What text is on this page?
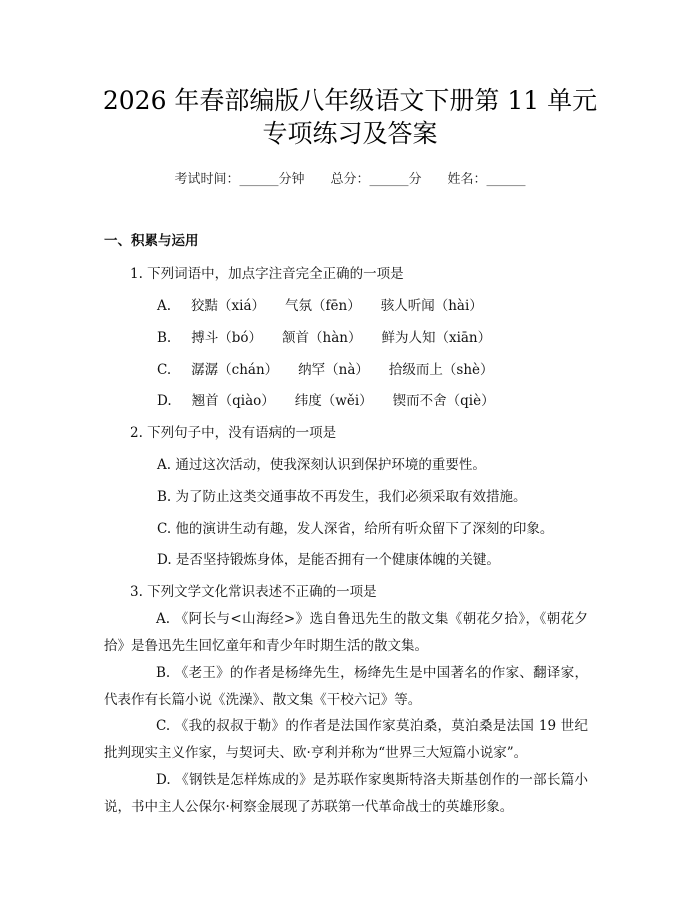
2026 年春部编版八年级语文下册第 11 单元
专项练习及答案
考试时间：______分钟 总分：______分 姓名：______
一、积累与运用
1. 下列词语中，加点字注音完全正确的一项是
A. 狡黠（xiá） 气氛（fēn） 骇人听闻（hài）
B. 搏斗（bó） 颔首（hàn） 鲜为人知（xiān）
C. 潺潺（chán） 纳罕（nà） 拾级而上（shè）
D. 翘首（qiào） 纬度（wěi） 锲而不舍（qiè）
2. 下列句子中，没有语病的一项是
A. 通过这次活动，使我深刻认识到保护环境的重要性。
B. 为了防止这类交通事故不再发生，我们必须采取有效措施。
C. 他的演讲生动有趣，发人深省，给所有听众留下了深刻的印象。
D. 是否坚持锻炼身体，是能否拥有一个健康体魄的关键。
3. 下列文学文化常识表述不正确的一项是
A. 《阿长与<山海经>》选自鲁迅先生的散文集《朝花夕拾》，《朝花夕拾》是鲁迅先生回忆童年和青少年时期生活的散文集。
B. 《老王》的作者是杨绛先生，杨绛先生是中国著名的作家、翻译家，代表作有长篇小说《洗澡》、散文集《干校六记》等。
C. 《我的叔叔于勒》的作者是法国作家莫泊桑，莫泊桑是法国 19 世纪批判现实主义作家，与契诃夫、欧·亨利并称为“世界三大短篇小说家”。
D. 《钢铁是怎样炼成的》是苏联作家奥斯特洛夫斯基创作的一部长篇小说，书中主人公保尔·柯察金展现了苏联第一代革命战士的英雄形象。
